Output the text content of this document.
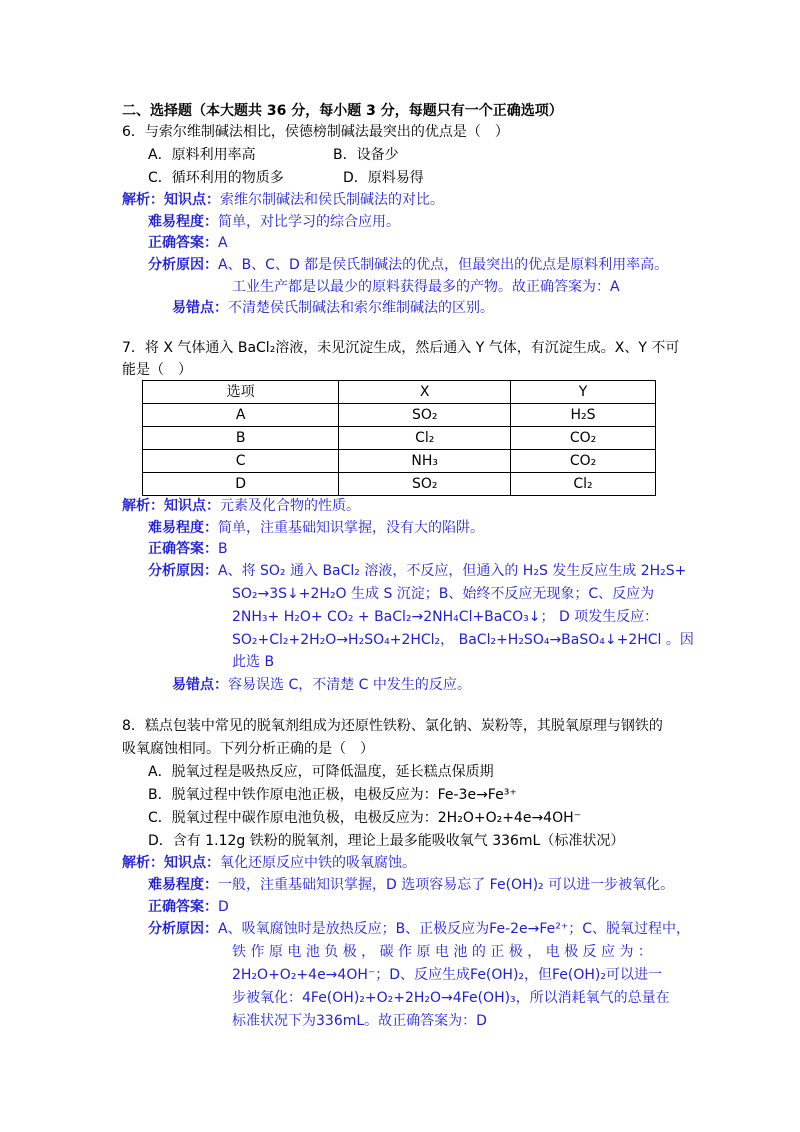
二、选择题（本大题共 36 分，每小题 3 分，每题只有一个正确选项）
6．与索尔维制碱法相比，侯德榜制碱法最突出的优点是（　）
A．原料利用率高	B．设备少
C．循环利用的物质多	D．原料易得
解析：知识点：索维尔制碱法和侯氏制碱法的对比。
难易程度：简单，对比学习的综合应用。
正确答案：A
分析原因：A、B、C、D 都是侯氏制碱法的优点，但最突出的优点是原料利用率高。
工业生产都是以最少的原料获得最多的产物。故正确答案为：A
易错点：不清楚侯氏制碱法和索尔维制碱法的区别。
7．将 X 气体通入 BaCl₂溶液，未见沉淀生成，然后通入 Y 气体，有沉淀生成。X、Y 不可
能是（　）
选项	X	Y
A	SO₂	H₂S
B	Cl₂	CO₂
C	NH₃	CO₂
D	SO₂	Cl₂
解析：知识点：元素及化合物的性质。
难易程度：简单，注重基础知识掌握，没有大的陷阱。
正确答案：B
分析原因：A、将 SO₂ 通入 BaCl₂ 溶液，不反应，但通入的 H₂S 发生反应生成 2H₂S+
SO₂→3S↓+2H₂O 生成 S 沉淀；B、始终不反应无现象；C、反应为
2NH₃+ H₂O+ CO₂ + BaCl₂→2NH₄Cl+BaCO₃↓； D 项发生反应：
SO₂+Cl₂+2H₂O→H₂SO₄+2HCl₂， BaCl₂+H₂SO₄→BaSO₄↓+2HCl 。因
此选 B
易错点：容易误选 C，不清楚 C 中发生的反应。
8．糕点包装中常见的脱氧剂组成为还原性铁粉、氯化钠、炭粉等，其脱氧原理与钢铁的
吸氧腐蚀相同。下列分析正确的是（　）
A．脱氧过程是吸热反应，可降低温度，延长糕点保质期
B．脱氧过程中铁作原电池正极，电极反应为：Fe-3e→Fe³⁺
C．脱氧过程中碳作原电池负极，电极反应为：2H₂O+O₂+4e→4OH⁻
D．含有 1.12g 铁粉的脱氧剂，理论上最多能吸收氧气 336mL（标准状况）
解析：知识点：氧化还原反应中铁的吸氧腐蚀。
难易程度：一般，注重基础知识掌握，D 选项容易忘了 Fe(OH)₂ 可以进一步被氧化。
正确答案：D
分析原因：A、吸氧腐蚀时是放热反应；B、正极反应为Fe-2e→Fe²⁺；C、脱氧过程中，
铁 作 原 电 池 负 极 ， 碳 作 原 电 池 的 正 极 ， 电 极 反 应 为 ：
2H₂O+O₂+4e→4OH⁻；D、反应生成Fe(OH)₂，但Fe(OH)₂可以进一
步被氧化：4Fe(OH)₂+O₂+2H₂O→4Fe(OH)₃，所以消耗氧气的总量在
标准状况下为336mL。故正确答案为：D
